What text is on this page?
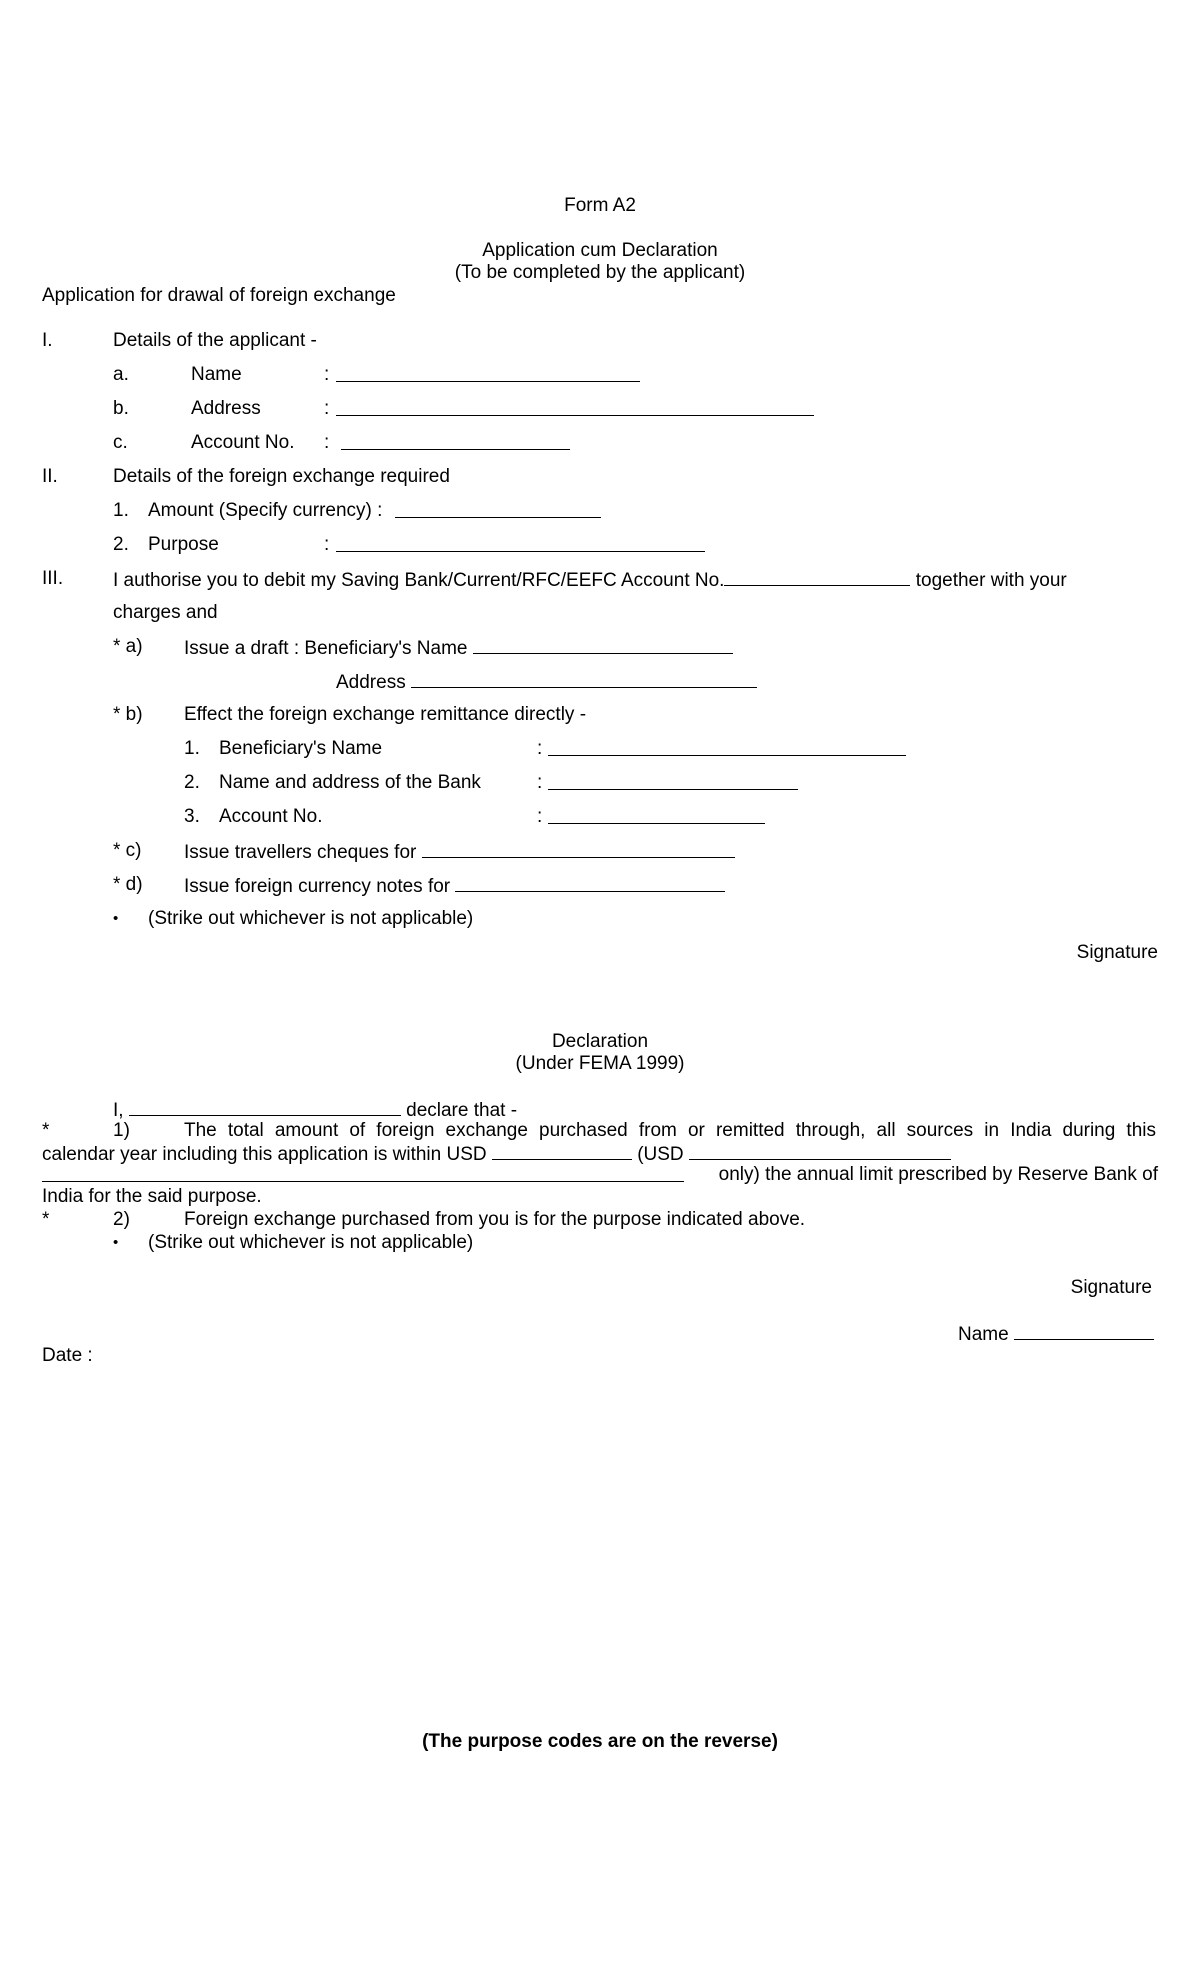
Form A2
Application cum Declaration
(To be completed by the applicant)
Application for drawal of foreign exchange
I.	Details of the applicant -
a.	Name	:
b.	Address	:
c.	Account No. :
II.	Details of the foreign exchange required
1. Amount (Specify currency) :
2. Purpose	:
III.	I authorise you to debit my Saving Bank/Current/RFC/EEFC Account No.	together with your
charges and
* a) Issue a draft : Beneficiary's Name
Address
* b) Effect the foreign exchange remittance directly -
1. Beneficiary's Name	:
2. Name and address of the Bank	:
3. Account No.	:
* c) Issue travellers cheques for
* d) Issue foreign currency notes for
• (Strike out whichever is not applicable)
Signature
Declaration
(Under FEMA 1999)
I,	declare that -
*	1)	The total amount of foreign exchange purchased from or remitted through, all sources in India during this
calendar year including this application is within USD	(USD
only) the annual limit prescribed by Reserve Bank of
India for the said purpose.
*	2)	Foreign exchange purchased from you is for the purpose indicated above.
• (Strike out whichever is not applicable)
Signature
Name
Date :
(The purpose codes are on the reverse)
